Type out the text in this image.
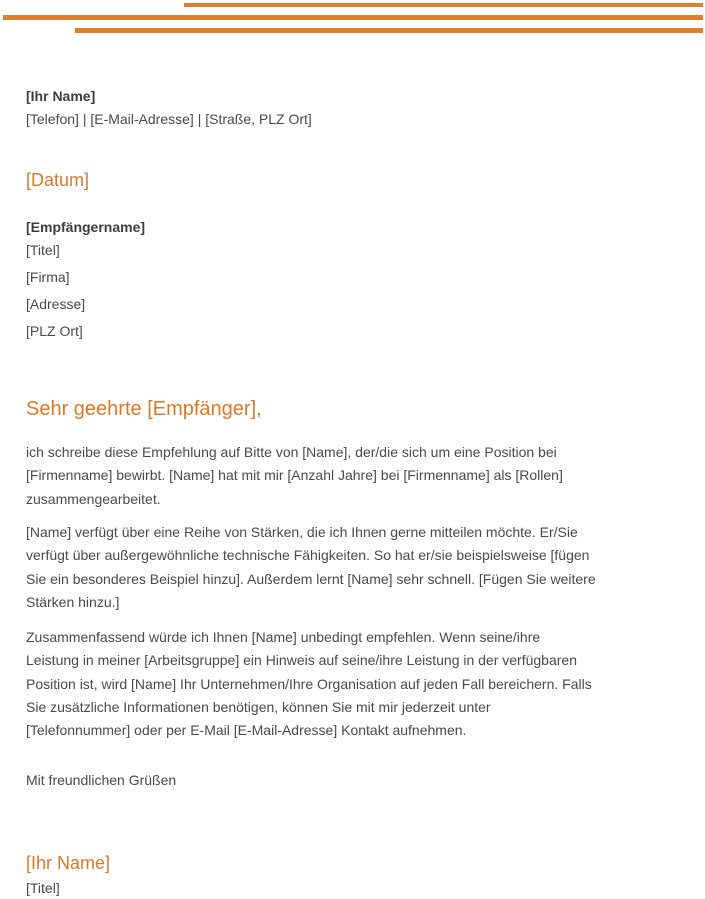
[Ihr Name]
[Telefon] | [E-Mail-Adresse] | [Straße, PLZ Ort]
[Datum]
[Empfängername]
[Titel]
[Firma]
[Adresse]
[PLZ Ort]
Sehr geehrte [Empfänger],

ich schreibe diese Empfehlung auf Bitte von [Name], der/die sich um eine Position bei [Firmenname] bewirbt. [Name] hat mit mir [Anzahl Jahre] bei [Firmenname] als [Rollen] zusammengearbeitet.

[Name] verfügt über eine Reihe von Stärken, die ich Ihnen gerne mitteilen möchte. Er/Sie verfügt über außergewöhnliche technische Fähigkeiten. So hat er/sie beispielsweise [fügen Sie ein besonderes Beispiel hinzu]. Außerdem lernt [Name] sehr schnell. [Fügen Sie weitere Stärken hinzu.]

Zusammenfassend würde ich Ihnen [Name] unbedingt empfehlen. Wenn seine/ihre Leistung in meiner [Arbeitsgruppe] ein Hinweis auf seine/ihre Leistung in der verfügbaren Position ist, wird [Name] Ihr Unternehmen/Ihre Organisation auf jeden Fall bereichern. Falls Sie zusätzliche Informationen benötigen, können Sie mit mir jederzeit unter [Telefonnummer] oder per E-Mail [E-Mail-Adresse] Kontakt aufnehmen.

Mit freundlichen Grüßen
[Ihr Name]
[Titel]
